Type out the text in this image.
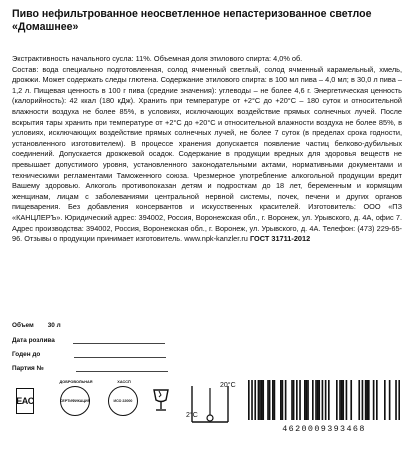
Пиво нефильтрованное неосветленное непастеризованное светлое
«Домашнее»

Экстрактивность начального сусла: 11%. Объемная доля этилового спирта: 4,0% об.

Состав: вода специально подготовленная, солод ячменный светлый, солод ячменный карамельный, хмель, дрожжи. Может содержать следы глютена. Содержание этилового спирта: в 100 мл пива – 4,0 мл; в 30,0 л пива – 1,2 л. Пищевая ценность в 100 г пива (средние значения): углеводы – не более 4,6 г. Энергетическая ценность (калорийность): 42 ккал (180 кДж). Хранить при температуре от +2°С до +20°С – 180 суток и относительной влажности воздуха не более 85%, в условиях, исключающих воздействие прямых солнечных лучей. После вскрытия тары хранить при температуре от +2°С до +20°С и относительной влажности воздуха не более 85%, в условиях, исключающих воздействие прямых солнечных лучей, не более 7 суток (в пределах срока годности, установленного изготовителем). В процессе хранения допускается появление частиц белково-дубильных соединений. Допускается дрожжевой осадок. Содержание в продукции вредных для здоровья веществ не превышает допустимого уровня, установленного законодательными актами, нормативными документами и техническими регламентами Таможенного союза. Чрезмерное употребление алкогольной продукции вредит Вашему здоровью. Алкоголь противопоказан детям и подросткам до 18 лет, беременным и кормящим женщинам, лицам с заболеваниями центральной нервной системы, почек, печени и других органов пищеварения. Без добавления консервантов и искусственных красителей. Изготовитель: ООО «ПЗ «КАНЦЛЕРЪ». Юридический адрес: 394002, Россия, Воронежская обл., г. Воронеж, ул. Урывского, д. 4А, офис 7. Адрес производства: 394002, Россия, Воронежская обл., г. Воронеж, ул. Урывского, д. 4А. Телефон: (473) 229-65-96. Отзывы о продукции принимает изготовитель. www.npk-kanzler.ru ГОСТ 31711-2012

Объем 30 л
Дата розлива
Годен до
Партия №
EAC
ДОБРОВОЛЬНАЯ
СЕРТИФИКАЦИЯ
ХАССП
ИСО 22000
2°С
20°С
4620009393468
